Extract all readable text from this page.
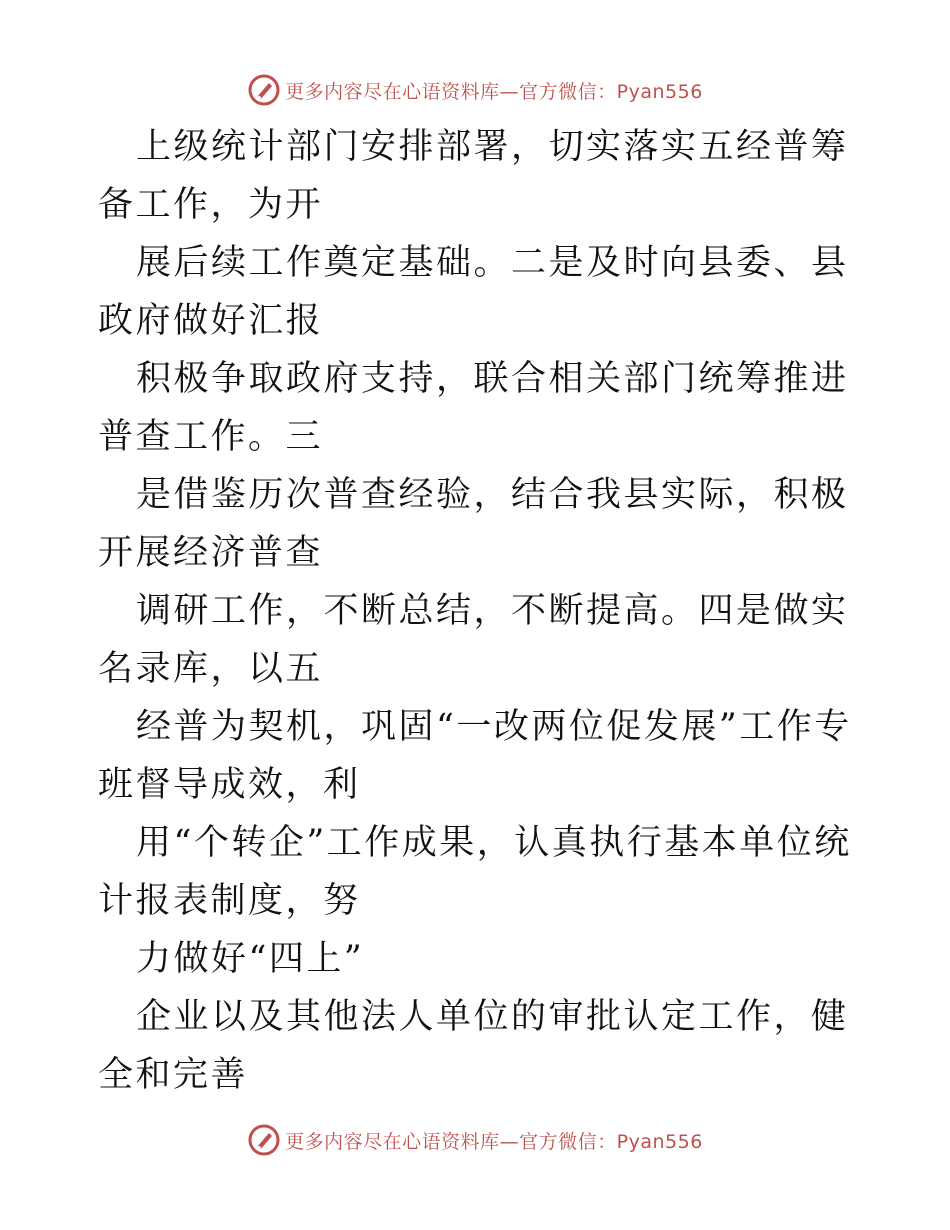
更多内容尽在心语资料库—官方微信：Pyan556

上级统计部门安排部署，切实落实五经普筹备工作，为开

展后续工作奠定基础。二是及时向县委、县政府做好汇报

积极争取政府支持，联合相关部门统筹推进普查工作。三

是借鉴历次普查经验，结合我县实际，积极开展经济普查

调研工作，不断总结，不断提高。四是做实名录库，以五

经普为契机，巩固“一改两位促发展”工作专班督导成效，利

用“个转企”工作成果，认真执行基本单位统计报表制度，努

力做好“四上”

企业以及其他法人单位的审批认定工作，健全和完善

更多内容尽在心语资料库—官方微信：Pyan556
